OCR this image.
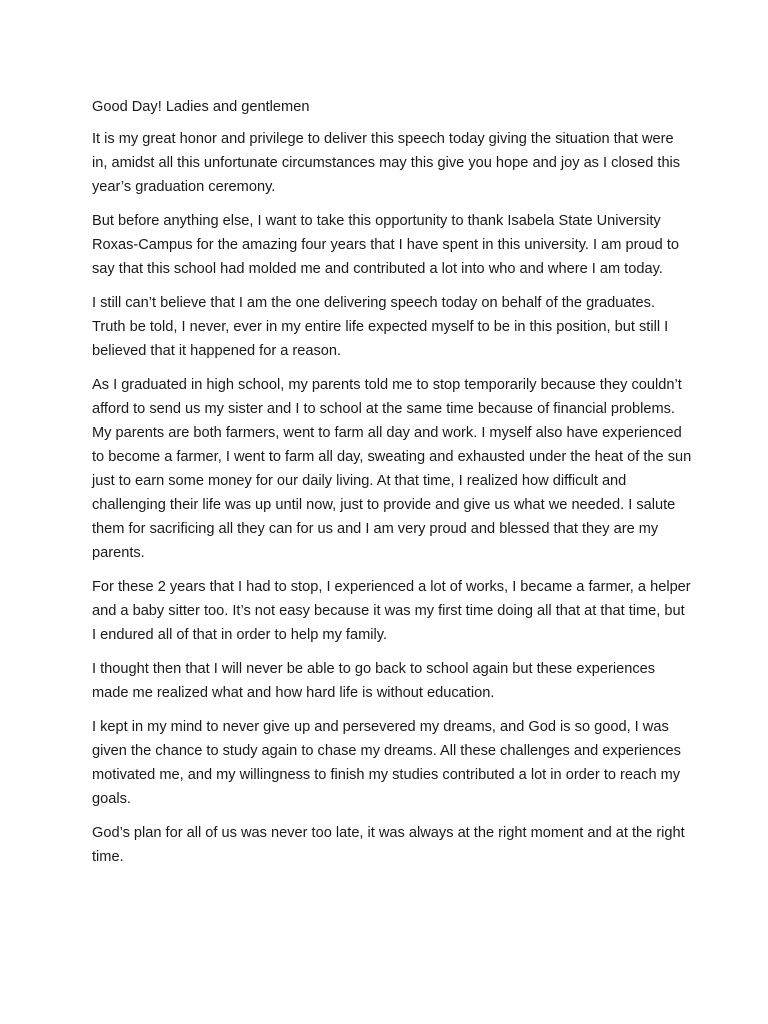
Good Day! Ladies and gentlemen

It is my great honor and privilege to deliver this speech today giving the situation that were in, amidst all this unfortunate circumstances may this give you hope and joy as I closed this year’s graduation ceremony.

But before anything else, I want to take this opportunity to thank Isabela State University Roxas-Campus for the amazing four years that I have spent in this university. I am proud to say that this school had molded me and contributed a lot into who and where I am today.

I still can’t believe that I am the one delivering speech today on behalf of the graduates. Truth be told, I never, ever in my entire life expected myself to be in this position, but still I believed that it happened for a reason.

As I graduated in high school, my parents told me to stop temporarily because they couldn’t afford to send us my sister and I to school at the same time because of financial problems. My parents are both farmers, went to farm all day and work. I myself also have experienced to become a farmer, I went to farm all day, sweating and exhausted under the heat of the sun just to earn some money for our daily living. At that time, I realized how difficult and challenging their life was up until now, just to provide and give us what we needed. I salute them for sacrificing all they can for us and I am very proud and blessed that they are my parents.

For these 2 years that I had to stop, I experienced a lot of works, I became a farmer, a helper and a baby sitter too. It’s not easy because it was my first time doing all that at that time, but I endured all of that in order to help my family.

I thought then that I will never be able to go back to school again but these experiences made me realized what and how hard life is without education.

I kept in my mind to never give up and persevered my dreams, and God is so good, I was given the chance to study again to chase my dreams. All these challenges and experiences motivated me, and my willingness to finish my studies contributed a lot in order to reach my goals.

God’s plan for all of us was never too late, it was always at the right moment and at the right time.
